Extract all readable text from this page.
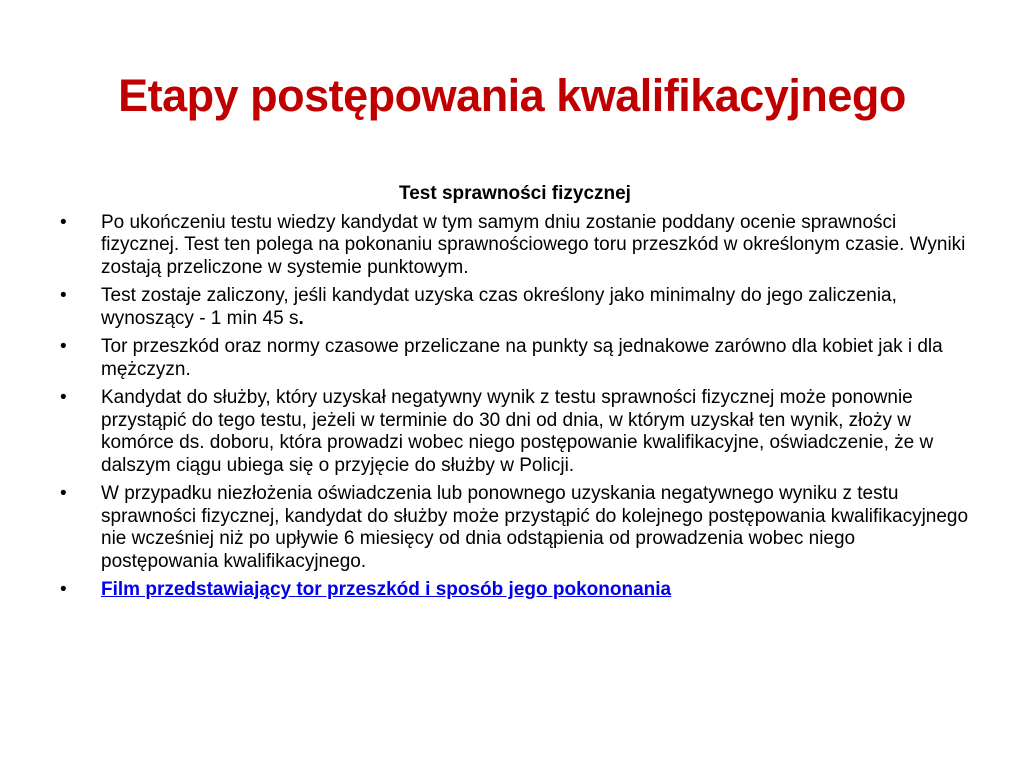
Etapy postępowania kwalifikacyjnego
Test sprawności fizycznej
•	Po ukończeniu testu wiedzy kandydat w tym samym dniu zostanie poddany ocenie sprawności fizycznej. Test ten polega na pokonaniu sprawnościowego toru przeszkód w określonym czasie. Wyniki zostają przeliczone w systemie punktowym.
•	Test zostaje zaliczony, jeśli kandydat uzyska czas określony jako minimalny do jego zaliczenia, wynoszący - 1 min 45 s.
•	Tor przeszkód oraz normy czasowe przeliczane na punkty są jednakowe zarówno dla kobiet jak i dla mężczyzn.
•	Kandydat do służby, który uzyskał negatywny wynik z testu sprawności fizycznej może ponownie przystąpić do tego testu, jeżeli w terminie do 30 dni od dnia, w którym uzyskał ten wynik, złoży w komórce ds. doboru, która prowadzi wobec niego postępowanie kwalifikacyjne, oświadczenie, że w dalszym ciągu ubiega się o przyjęcie do służby w Policji.
•	W przypadku niezłożenia oświadczenia lub ponownego uzyskania negatywnego wyniku z testu sprawności fizycznej, kandydat do służby może przystąpić do kolejnego postępowania kwalifikacyjnego nie wcześniej niż po upływie 6 miesięcy od dnia odstąpienia od prowadzenia wobec niego postępowania kwalifikacyjnego.
•	Film przedstawiający tor przeszkód i sposób jego pokononania
